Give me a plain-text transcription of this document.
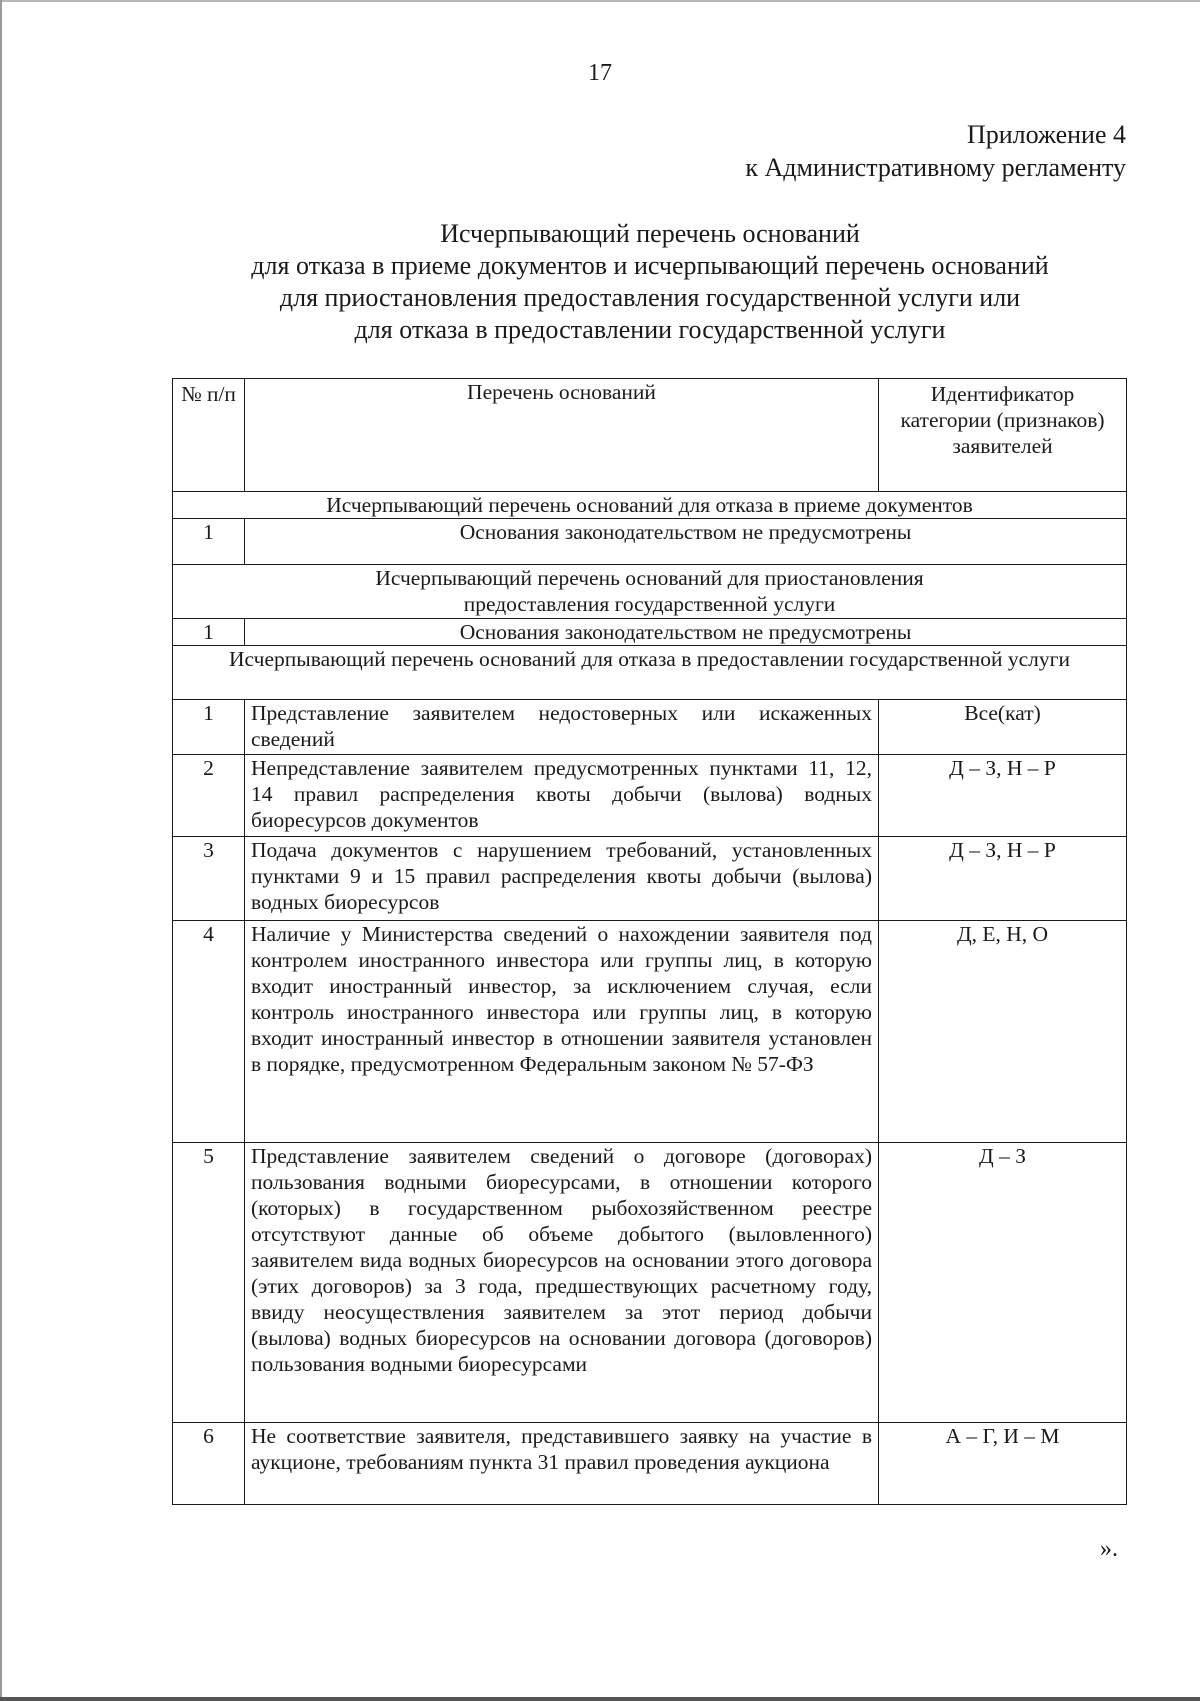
17
Приложение 4
к Административному регламенту
Исчерпывающий перечень оснований
для отказа в приеме документов и исчерпывающий перечень оснований
для приостановления предоставления государственной услуги или
для отказа в предоставлении государственной услуги
№ п/п	Перечень оснований	Идентификатор категории (признаков) заявителей
Исчерпывающий перечень оснований для отказа в приеме документов		
1	Основания законодательством не предусмотрены	
Исчерпывающий перечень оснований для приостановления предоставления государственной услуги		
1	Основания законодательством не предусмотрены	
Исчерпывающий перечень оснований для отказа в предоставлении государственной услуги		
1	Представление заявителем недостоверных или искаженных сведений	Все(кат)
2	Непредставление заявителем предусмотренных пунктами 11, 12, 14 правил распределения квоты добычи (вылова) водных биоресурсов документов	Д – З, Н – Р
3	Подача документов с нарушением требований, установленных пунктами 9 и 15 правил распределения квоты добычи (вылова) водных биоресурсов	Д – З, Н – Р
4	Наличие у Министерства сведений о нахождении заявителя под контролем иностранного инвестора или группы лиц, в которую входит иностранный инвестор, за исключением случая, если контроль иностранного инвестора или группы лиц, в которую входит иностранный инвестор в отношении заявителя установлен в порядке, предусмотренном Федеральным законом № 57-ФЗ	Д, Е, Н, О
5	Представление заявителем сведений о договоре (договорах) пользования водными биоресурсами, в отношении которого (которых) в государственном рыбохозяйственном реестре отсутствуют данные об объеме добытого (выловленного) заявителем вида водных биоресурсов на основании этого договора (этих договоров) за 3 года, предшествующих расчетному году, ввиду неосуществления заявителем за этот период добычи (вылова) водных биоресурсов на основании договора (договоров) пользования водными биоресурсами	Д – З
6	Не соответствие заявителя, представившего заявку на участие в аукционе, требованиям пункта 31 правил проведения аукциона	А – Г, И – М
».
